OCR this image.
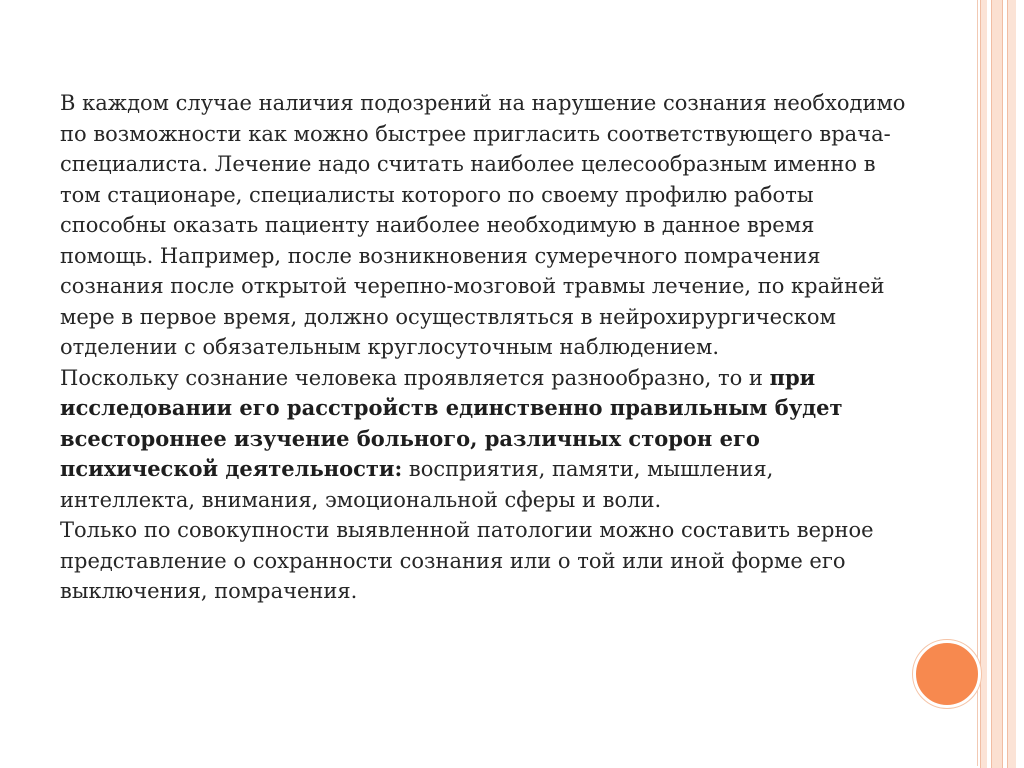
В каждом случае наличия подозрений на нарушение сознания необходимо по возможности как можно быстрее пригласить соответствующего врача-специалиста. Лечение надо считать наиболее целесообразным именно в том стационаре, специалисты которого по своему профилю работы способны оказать пациенту наиболее необходимую в данное время помощь. Например, после возникновения сумеречного помрачения сознания после открытой черепно-мозговой травмы лечение, по крайней мере в первое время, должно осуществляться в нейрохирургическом отделении с обязательным круглосуточным наблюдением.

Поскольку сознание человека проявляется разнообразно, то и при исследовании его расстройств единственно правильным будет всестороннее изучение больного, различных сторон его психической деятельности: восприятия, памяти, мышления, интеллекта, внимания, эмоциональной сферы и воли.

Только по совокупности выявленной патологии можно составить верное представление о сохранности сознания или о той или иной форме его выключения, помрачения.
